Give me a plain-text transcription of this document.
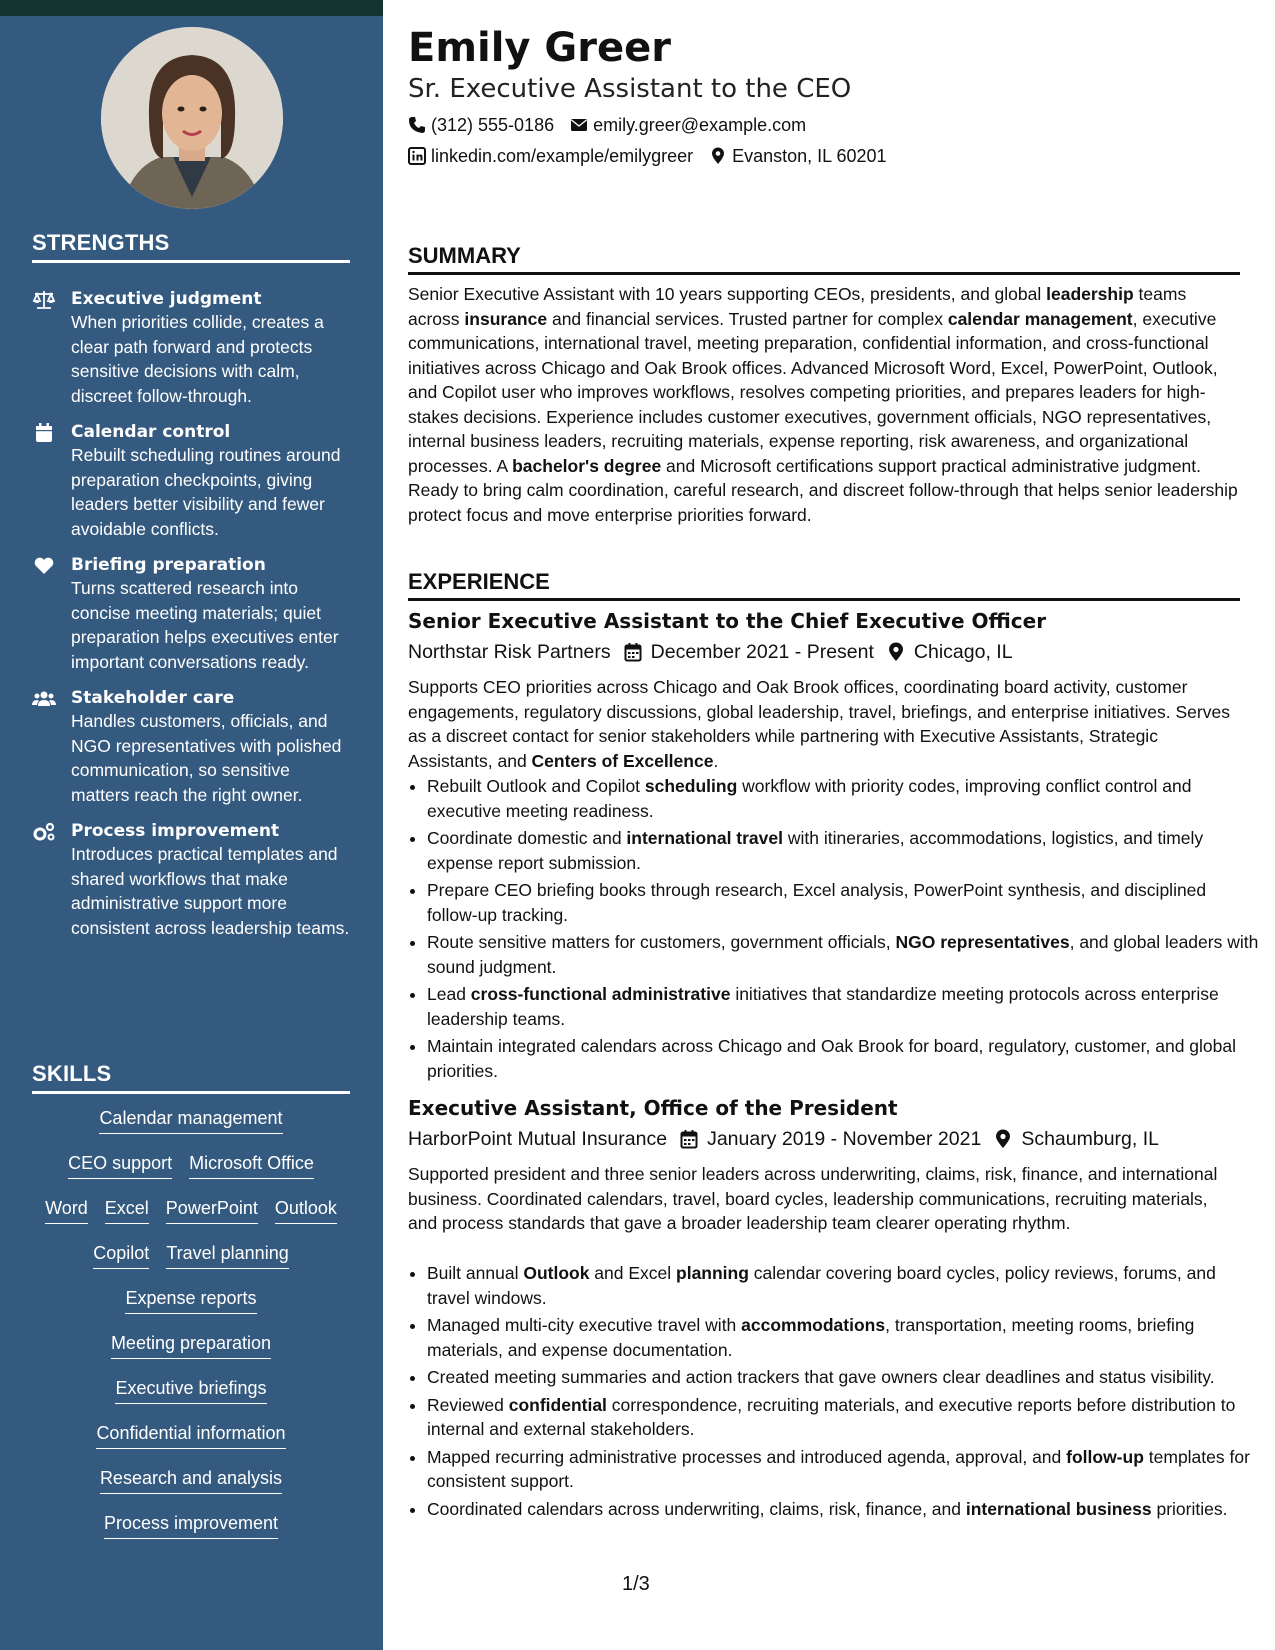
STRENGTHS
Executive judgment
When priorities collide, creates a clear path forward and protects sensitive decisions with calm, discreet follow-through.
Calendar control
Rebuilt scheduling routines around preparation checkpoints, giving leaders better visibility and fewer avoidable conflicts.
Briefing preparation
Turns scattered research into concise meeting materials; quiet preparation helps executives enter important conversations ready.
Stakeholder care
Handles customers, officials, and NGO representatives with polished communication, so sensitive matters reach the right owner.
Process improvement
Introduces practical templates and shared workflows that make administrative support more consistent across leadership teams.
SKILLS
Calendar management
CEO support Microsoft Office
Word Excel PowerPoint Outlook
Copilot Travel planning
Expense reports
Meeting preparation
Executive briefings
Confidential information
Research and analysis
Process improvement
Emily Greer
Sr. Executive Assistant to the CEO
(312) 555-0186 emily.greer@example.com
linkedin.com/example/emilygreer Evanston, IL 60201
SUMMARY
Senior Executive Assistant with 10 years supporting CEOs, presidents, and global leadership teams across insurance and financial services. Trusted partner for complex calendar management, executive communications, international travel, meeting preparation, confidential information, and cross-functional initiatives across Chicago and Oak Brook offices. Advanced Microsoft Word, Excel, PowerPoint, Outlook, and Copilot user who improves workflows, resolves competing priorities, and prepares leaders for high-stakes decisions. Experience includes customer executives, government officials, NGO representatives, internal business leaders, recruiting materials, expense reporting, risk awareness, and organizational processes. A bachelor's degree and Microsoft certifications support practical administrative judgment. Ready to bring calm coordination, careful research, and discreet follow-through that helps senior leadership protect focus and move enterprise priorities forward.
EXPERIENCE
Senior Executive Assistant to the Chief Executive Officer
Northstar Risk Partners December 2021 - Present Chicago, IL
Supports CEO priorities across Chicago and Oak Brook offices, coordinating board activity, customer engagements, regulatory discussions, global leadership, travel, briefings, and enterprise initiatives. Serves as a discreet contact for senior stakeholders while partnering with Executive Assistants, Strategic Assistants, and Centers of Excellence.
• Rebuilt Outlook and Copilot scheduling workflow with priority codes, improving conflict control and executive meeting readiness.
• Coordinate domestic and international travel with itineraries, accommodations, logistics, and timely expense report submission.
• Prepare CEO briefing books through research, Excel analysis, PowerPoint synthesis, and disciplined follow-up tracking.
• Route sensitive matters for customers, government officials, NGO representatives, and global leaders with sound judgment.
• Lead cross-functional administrative initiatives that standardize meeting protocols across enterprise leadership teams.
• Maintain integrated calendars across Chicago and Oak Brook for board, regulatory, customer, and global priorities.
Executive Assistant, Office of the President
HarborPoint Mutual Insurance January 2019 - November 2021 Schaumburg, IL
Supported president and three senior leaders across underwriting, claims, risk, finance, and international business. Coordinated calendars, travel, board cycles, leadership communications, recruiting materials, and process standards that gave a broader leadership team clearer operating rhythm.
• Built annual Outlook and Excel planning calendar covering board cycles, policy reviews, forums, and travel windows.
• Managed multi-city executive travel with accommodations, transportation, meeting rooms, briefing materials, and expense documentation.
• Created meeting summaries and action trackers that gave owners clear deadlines and status visibility.
• Reviewed confidential correspondence, recruiting materials, and executive reports before distribution to internal and external stakeholders.
• Mapped recurring administrative processes and introduced agenda, approval, and follow-up templates for consistent support.
• Coordinated calendars across underwriting, claims, risk, finance, and international business priorities.
1/3
